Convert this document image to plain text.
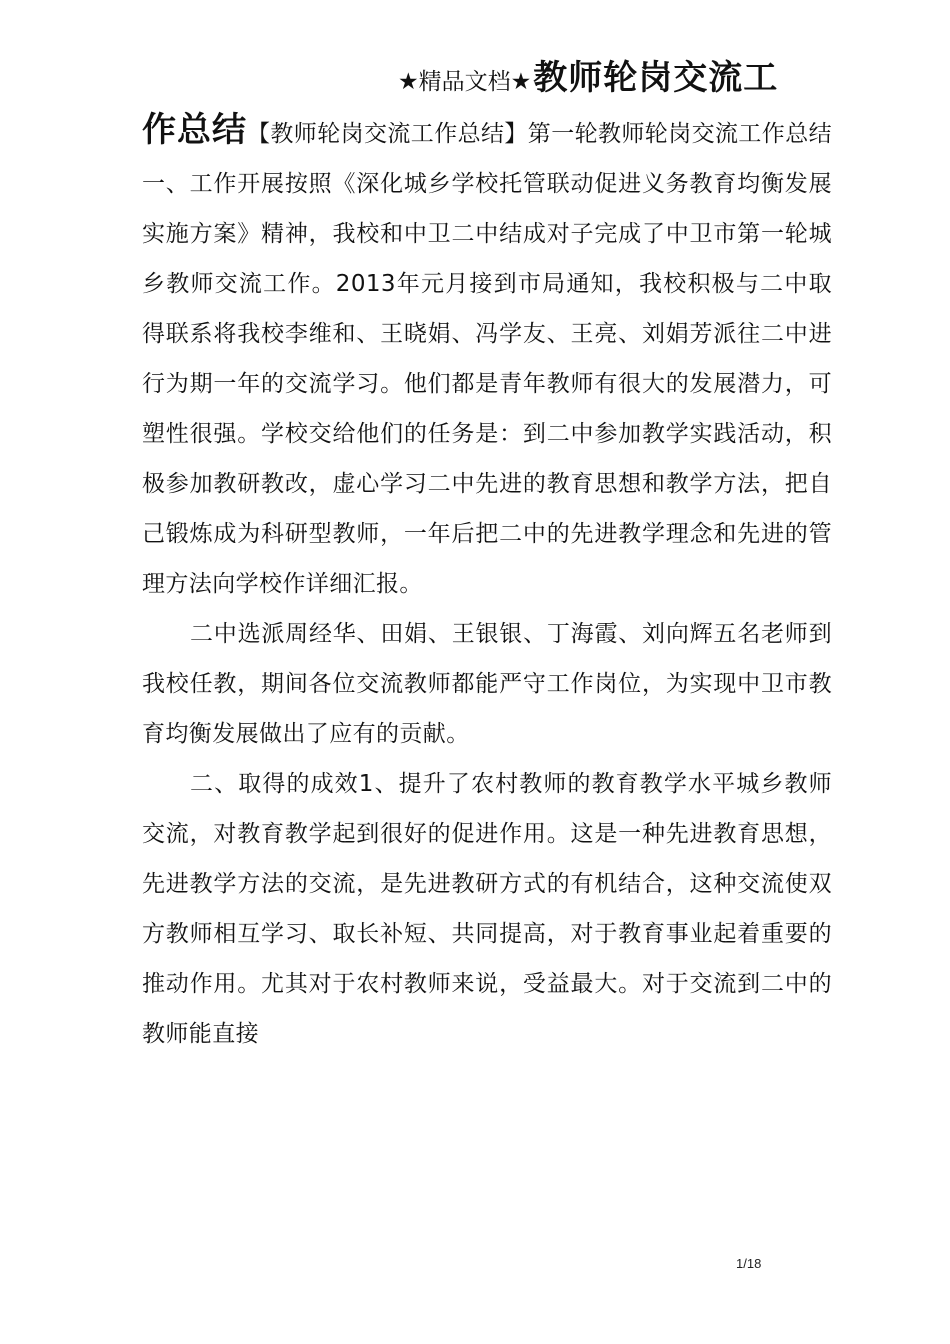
★精品文档★教师轮岗交流工

作总结【教师轮岗交流工作总结】第一轮教师轮岗交流工作总结一、工作开展按照《深化城乡学校托管联动促进义务教育均衡发展实施方案》精神，我校和中卫二中结成对子完成了中卫市第一轮城乡教师交流工作。2013年元月接到市局通知，我校积极与二中取得联系将我校李维和、王晓娟、冯学友、王亮、刘娟芳派往二中进行为期一年的交流学习。他们都是青年教师有很大的发展潜力，可塑性很强。学校交给他们的任务是：到二中参加教学实践活动，积极参加教研教改，虚心学习二中先进的教育思想和教学方法，把自己锻炼成为科研型教师，一年后把二中的先进教学理念和先进的管理方法向学校作详细汇报。

二中选派周经华、田娟、王银银、丁海霞、刘向辉五名老师到我校任教，期间各位交流教师都能严守工作岗位，为实现中卫市教育均衡发展做出了应有的贡献。

二、取得的成效1、提升了农村教师的教育教学水平城乡教师交流，对教育教学起到很好的促进作用。这是一种先进教育思想，先进教学方法的交流，是先进教研方式的有机结合，这种交流使双方教师相互学习、取长补短、共同提高，对于教育事业起着重要的推动作用。尤其对于农村教师来说，受益最大。对于交流到二中的教师能直接

1/18
